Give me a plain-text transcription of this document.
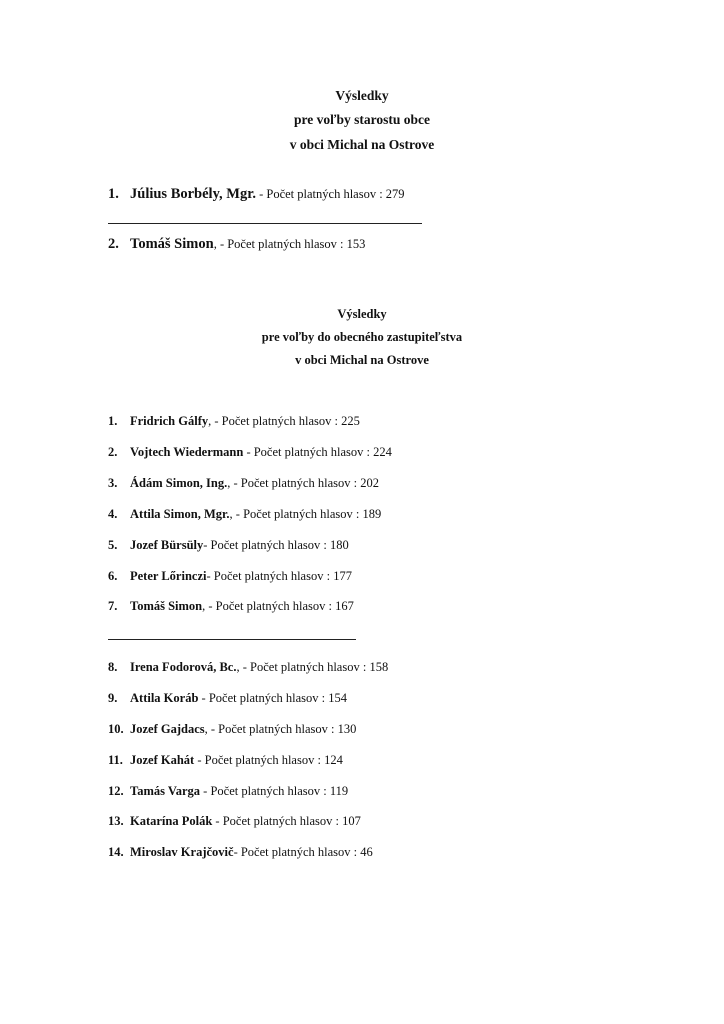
Výsledky
pre voľby starostu obce
v obci Michal na Ostrove
1. Július Borbély, Mgr. - Počet platných hlasov : 279
2. Tomáš Simon, - Počet platných hlasov : 153
Výsledky
pre voľby do obecného zastupiteľstva
v obci Michal na Ostrove
1. Fridrich Gálfy, - Počet platných hlasov : 225
2. Vojtech Wiedermann - Počet platných hlasov : 224
3. Ádám Simon, Ing., - Počet platných hlasov : 202
4. Attila Simon, Mgr., - Počet platných hlasov : 189
5. Jozef Bürsüly- Počet platných hlasov : 180
6. Peter Lőrinczi- Počet platných hlasov : 177
7. Tomáš Simon, - Počet platných hlasov : 167
8. Irena Fodorová, Bc., - Počet platných hlasov : 158
9. Attila Koráb - Počet platných hlasov : 154
10. Jozef Gajdacs, - Počet platných hlasov : 130
11. Jozef Kahát - Počet platných hlasov : 124
12. Tamás Varga - Počet platných hlasov : 119
13. Katarína Polák - Počet platných hlasov : 107
14. Miroslav Krajčovič- Počet platných hlasov : 46
